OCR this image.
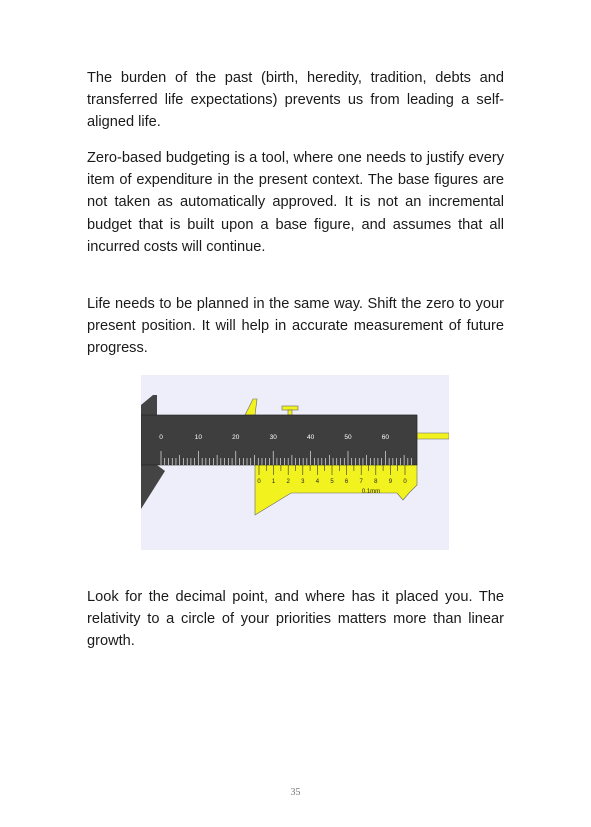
The burden of the past (birth, heredity, tradition, debts and transferred life expectations) prevents us from leading a self-aligned life.

Zero-based budgeting is a tool, where one needs to justify every item of expenditure in the present context. The base figures are not taken as automatically approved. It is not an incremental budget that is built upon a base figure, and assumes that all incurred costs will continue.

Life needs to be planned in the same way. Shift the zero to your present position. It will help in accurate measurement of future progress.

0	10	20	30	40	50	60
0 1 2 3 4 5 6 7 8 9 0
0.1mm

Look for the decimal point, and where has it placed you. The relativity to a circle of your priorities matters more than linear growth.

35
